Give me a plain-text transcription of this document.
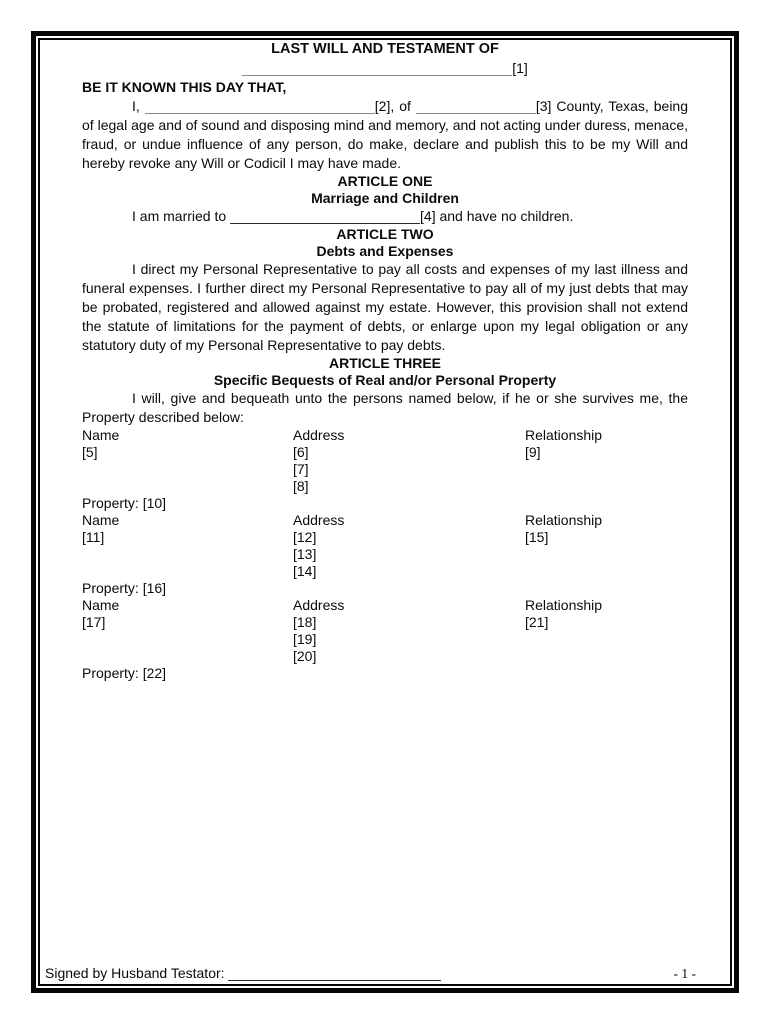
LAST WILL AND TESTAMENT OF
[1]

BE IT KNOWN THIS DAY THAT,

I,	[2], of	[3] County, Texas, being of legal age and of sound and disposing mind and memory, and not acting under duress, menace, fraud, or undue influence of any person, do make, declare and publish this to be my Will and hereby revoke any Will or Codicil I may have made.

ARTICLE ONE
Marriage and Children

I am married to	[4] and have no children.

ARTICLE TWO
Debts and Expenses

I direct my Personal Representative to pay all costs and expenses of my last illness and funeral expenses. I further direct my Personal Representative to pay all of my just debts that may be probated, registered and allowed against my estate. However, this provision shall not extend the statute of limitations for the payment of debts, or enlarge upon my legal obligation or any statutory duty of my Personal Representative to pay debts.

ARTICLE THREE
Specific Bequests of Real and/or Personal Property

I will, give and bequeath unto the persons named below, if he or she survives me, the Property described below:

Name	Address	Relationship
[5]	[6]	[9]
[7]
[8]
Property: [10]
Name	Address	Relationship
[11]	[12]	[15]
[13]
[14]
Property: [16]
Name	Address	Relationship
[17]	[18]	[21]
[19]
[20]
Property: [22]
Signed by Husband Testator:	- 1 -
